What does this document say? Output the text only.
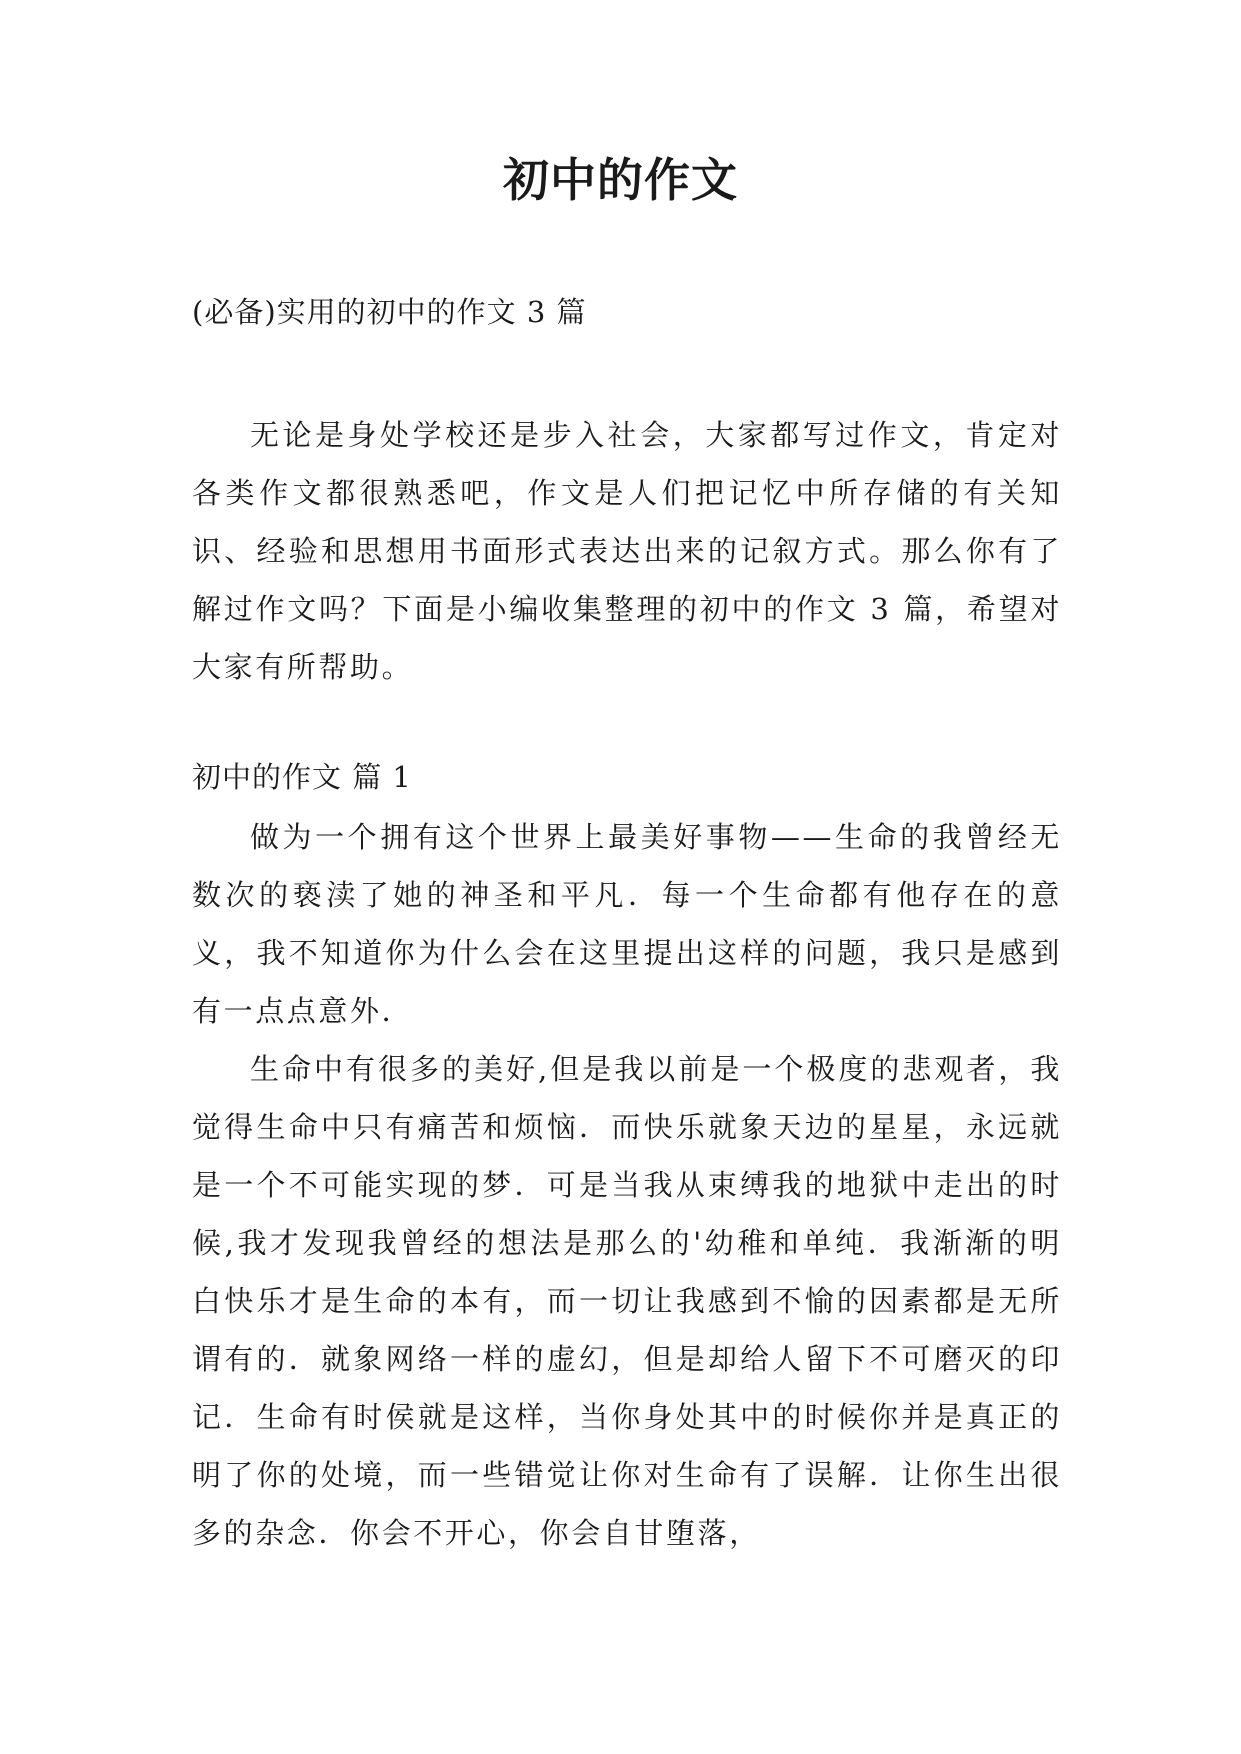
初中的作文

(必备)实用的初中的作文 3 篇

无论是身处学校还是步入社会，大家都写过作文，肯定对各类作文都很熟悉吧，作文是人们把记忆中所存储的有关知识、经验和思想用书面形式表达出来的记叙方式。那么你有了解过作文吗？下面是小编收集整理的初中的作文 3 篇，希望对大家有所帮助。

初中的作文 篇 1

做为一个拥有这个世界上最美好事物——生命的我曾经无数次的亵渎了她的神圣和平凡．每一个生命都有他存在的意义，我不知道你为什么会在这里提出这样的问题，我只是感到有一点点意外．

生命中有很多的美好,但是我以前是一个极度的悲观者，我觉得生命中只有痛苦和烦恼．而快乐就象天边的星星，永远就是一个不可能实现的梦．可是当我从束缚我的地狱中走出的时候,我才发现我曾经的想法是那么的'幼稚和单纯．我渐渐的明白快乐才是生命的本有，而一切让我感到不愉的因素都是无所谓有的．就象网络一样的虚幻，但是却给人留下不可磨灭的印记．生命有时侯就是这样，当你身处其中的时候你并是真正的明了你的处境，而一些错觉让你对生命有了误解．让你生出很多的杂念．你会不开心，你会自甘堕落，
